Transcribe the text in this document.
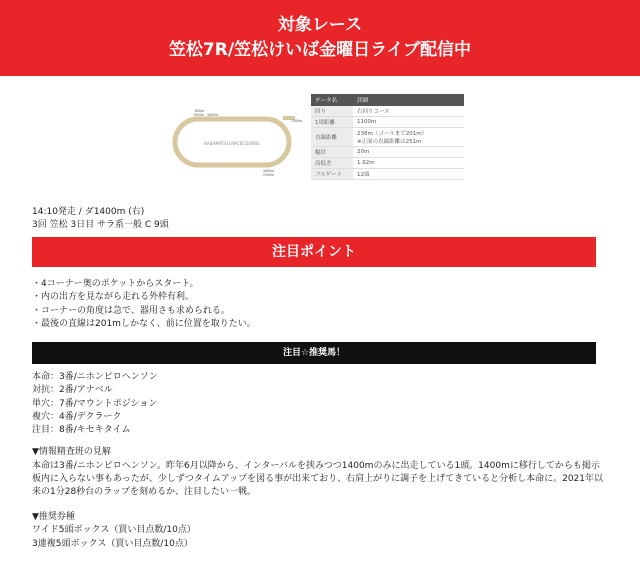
対象レース
笠松7R/笠松けいば金曜日ライブ配信中
KASAMATSU RACECOURSE
800m
1900m 1800m
1400m
1600m
2500m
データ名	詳細
回り	右回りコース
1周距離	1100m
直線距離	238m（ゴールまで201m）
※正面の直線距離は251m

幅員	20m
高低差	1.92m
フルゲート	12頭
14:10発走 / ダ1400m (右)
3回 笠松 3日目 サラ系一般 C 9頭
注目ポイント
・4コーナー奥のポケットからスタート。
・内の出方を見ながら走れる外枠有利。
・コーナーの角度は急で、器用さも求められる。
・最後の直線は201mしかなく、前に位置を取りたい。
注目☆推奨馬！
本命：3番/ニホンピロヘンソン
対抗：2番/アナベル
単穴：7番/マウントポジション
複穴：4番/デクラーク
注目：8番/キセキタイム
▼情報精査班の見解
本命は3番/ニホンピロヘンソン。昨年6月以降から、インターバルを挟みつつ1400mのみに出走している1頭。1400mに移行してからも掲示板内に入らない事もあったが、少しずつタイムアップを図る事が出来ており、右肩上がりに調子を上げてきていると分析し本命に。2021年以来の1分28秒台のラップを刻めるか、注目したい一戦。
▼推奨券種
ワイド5頭ボックス（買い目点数/10点）
3連複5頭ボックス（買い目点数/10点）
